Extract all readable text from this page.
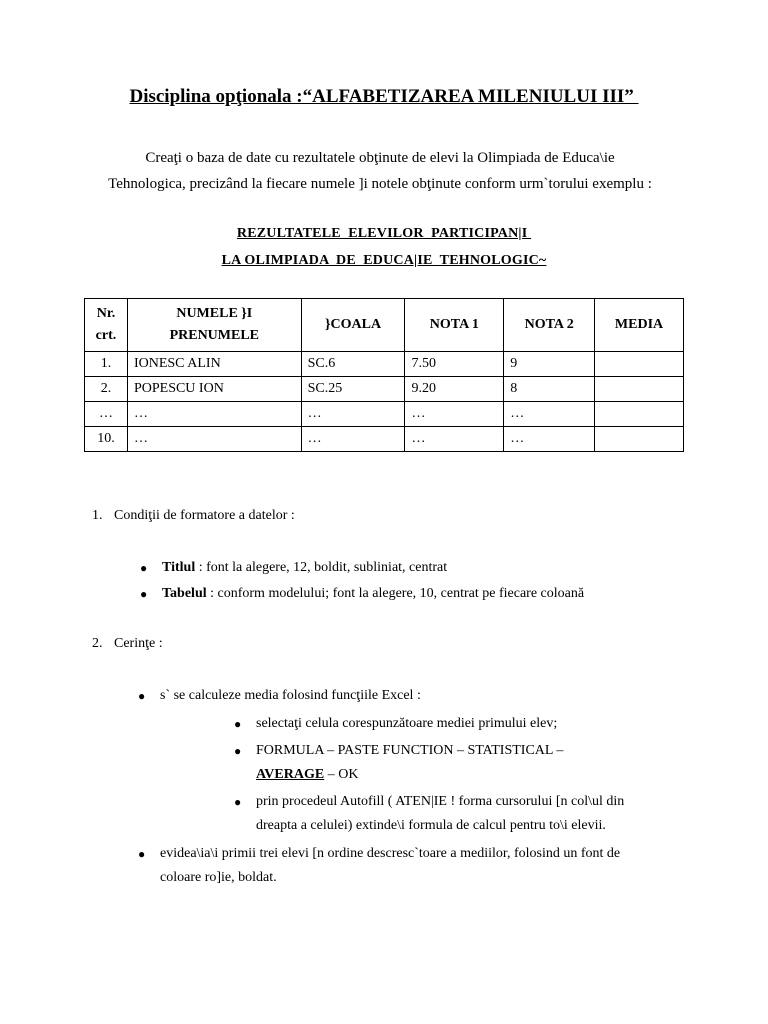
Disciplina opţionala :“ALFABETIZAREA MILENIULUI III”
Creaţi o baza de date cu rezultatele obţinute de elevi la Olimpiada de Educa\ie
Tehnologica, precizând la fiecare numele ]i notele obţinute conform urm`torului exemplu :
REZULTATELE  ELEVILOR  PARTICIPAN|I
LA OLIMPIADA  DE  EDUCA|IE  TEHNOLOGIC~
Nr. crt.	NUMELE }I PRENUMELE	}COALA	NOTA 1	NOTA 2	MEDIA
1.	IONESC ALIN	SC.6	7.50	9	
2.	POPESCU ION	SC.25	9.20	8	
…	…	…	…	…	
10.	…	…	…	…	
1. Condiţii de formatore a datelor :
● Titlul : font la alegere, 12, boldit, subliniat, centrat
● Tabelul : conform modelului; font la alegere, 10, centrat pe fiecare coloană
2. Cerinţe :
● s` se calculeze media folosind funcţiile Excel :
● selectaţi celula corespunzătoare mediei primului elev;
● FORMULA – PASTE FUNCTION – STATISTICAL –
AVERAGE – OK
● prin procedeul Autofill ( ATEN|IE ! forma cursorului [n col\ul din
dreapta a celulei) extinde\i formula de calcul pentru to\i elevii.
● evidea\ia\i primii trei elevi [n ordine descresc`toare a mediilor, folosind un font de
coloare ro]ie, boldat.
